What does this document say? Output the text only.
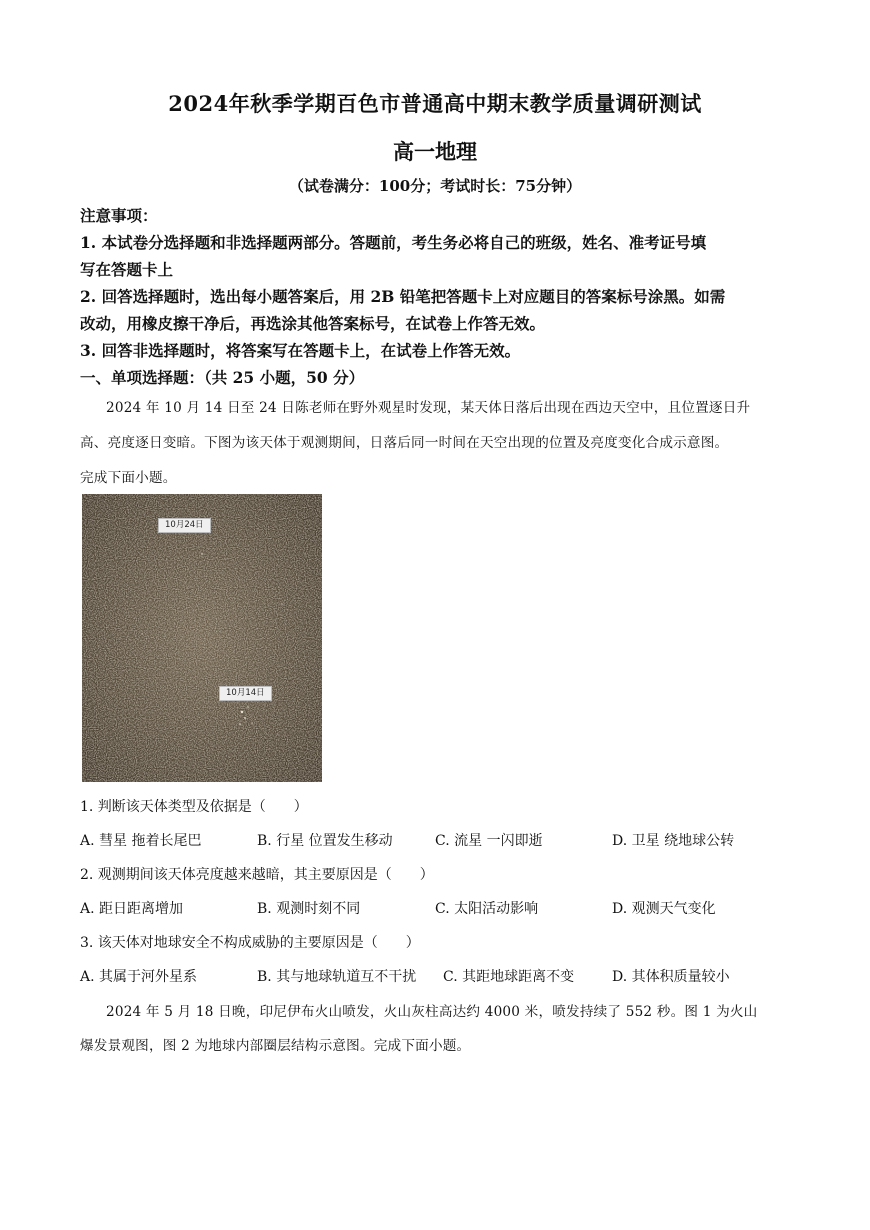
2024年秋季学期百色市普通高中期末教学质量调研测试
高一地理
（试卷满分：100分；考试时长：75分钟）
注意事项：
1. 本试卷分选择题和非选择题两部分。答题前，考生务必将自己的班级，姓名、准考证号填
写在答题卡上
2. 回答选择题时，选出每小题答案后，用 2B 铅笔把答题卡上对应题目的答案标号涂黑。如需
改动，用橡皮擦干净后，再选涂其他答案标号，在试卷上作答无效。
3. 回答非选择题时，将答案写在答题卡上，在试卷上作答无效。
一、单项选择题：（共 25 小题，50 分）
2024 年 10 月 14 日至 24 日陈老师在野外观星时发现，某天体日落后出现在西边天空中，且位置逐日升
高、亮度逐日变暗。下图为该天体于观测期间，日落后同一时间在天空出现的位置及亮度变化合成示意图。
完成下面小题。
10月24日
10月14日
1. 判断该天体类型及依据是（　　）
A. 彗星 拖着长尾巴	B. 行星 位置发生移动	C. 流星 一闪即逝	D. 卫星 绕地球公转
2. 观测期间该天体亮度越来越暗，其主要原因是（　　）
A. 距日距离增加	B. 观测时刻不同	C. 太阳活动影响	D. 观测天气变化
3. 该天体对地球安全不构成威胁的主要原因是（　　）
A. 其属于河外星系	B. 其与地球轨道互不干扰 C. 其距地球距离不变	D. 其体积质量较小
2024 年 5 月 18 日晚，印尼伊布火山喷发，火山灰柱高达约 4000 米，喷发持续了 552 秒。图 1 为火山
爆发景观图，图 2 为地球内部圈层结构示意图。完成下面小题。
